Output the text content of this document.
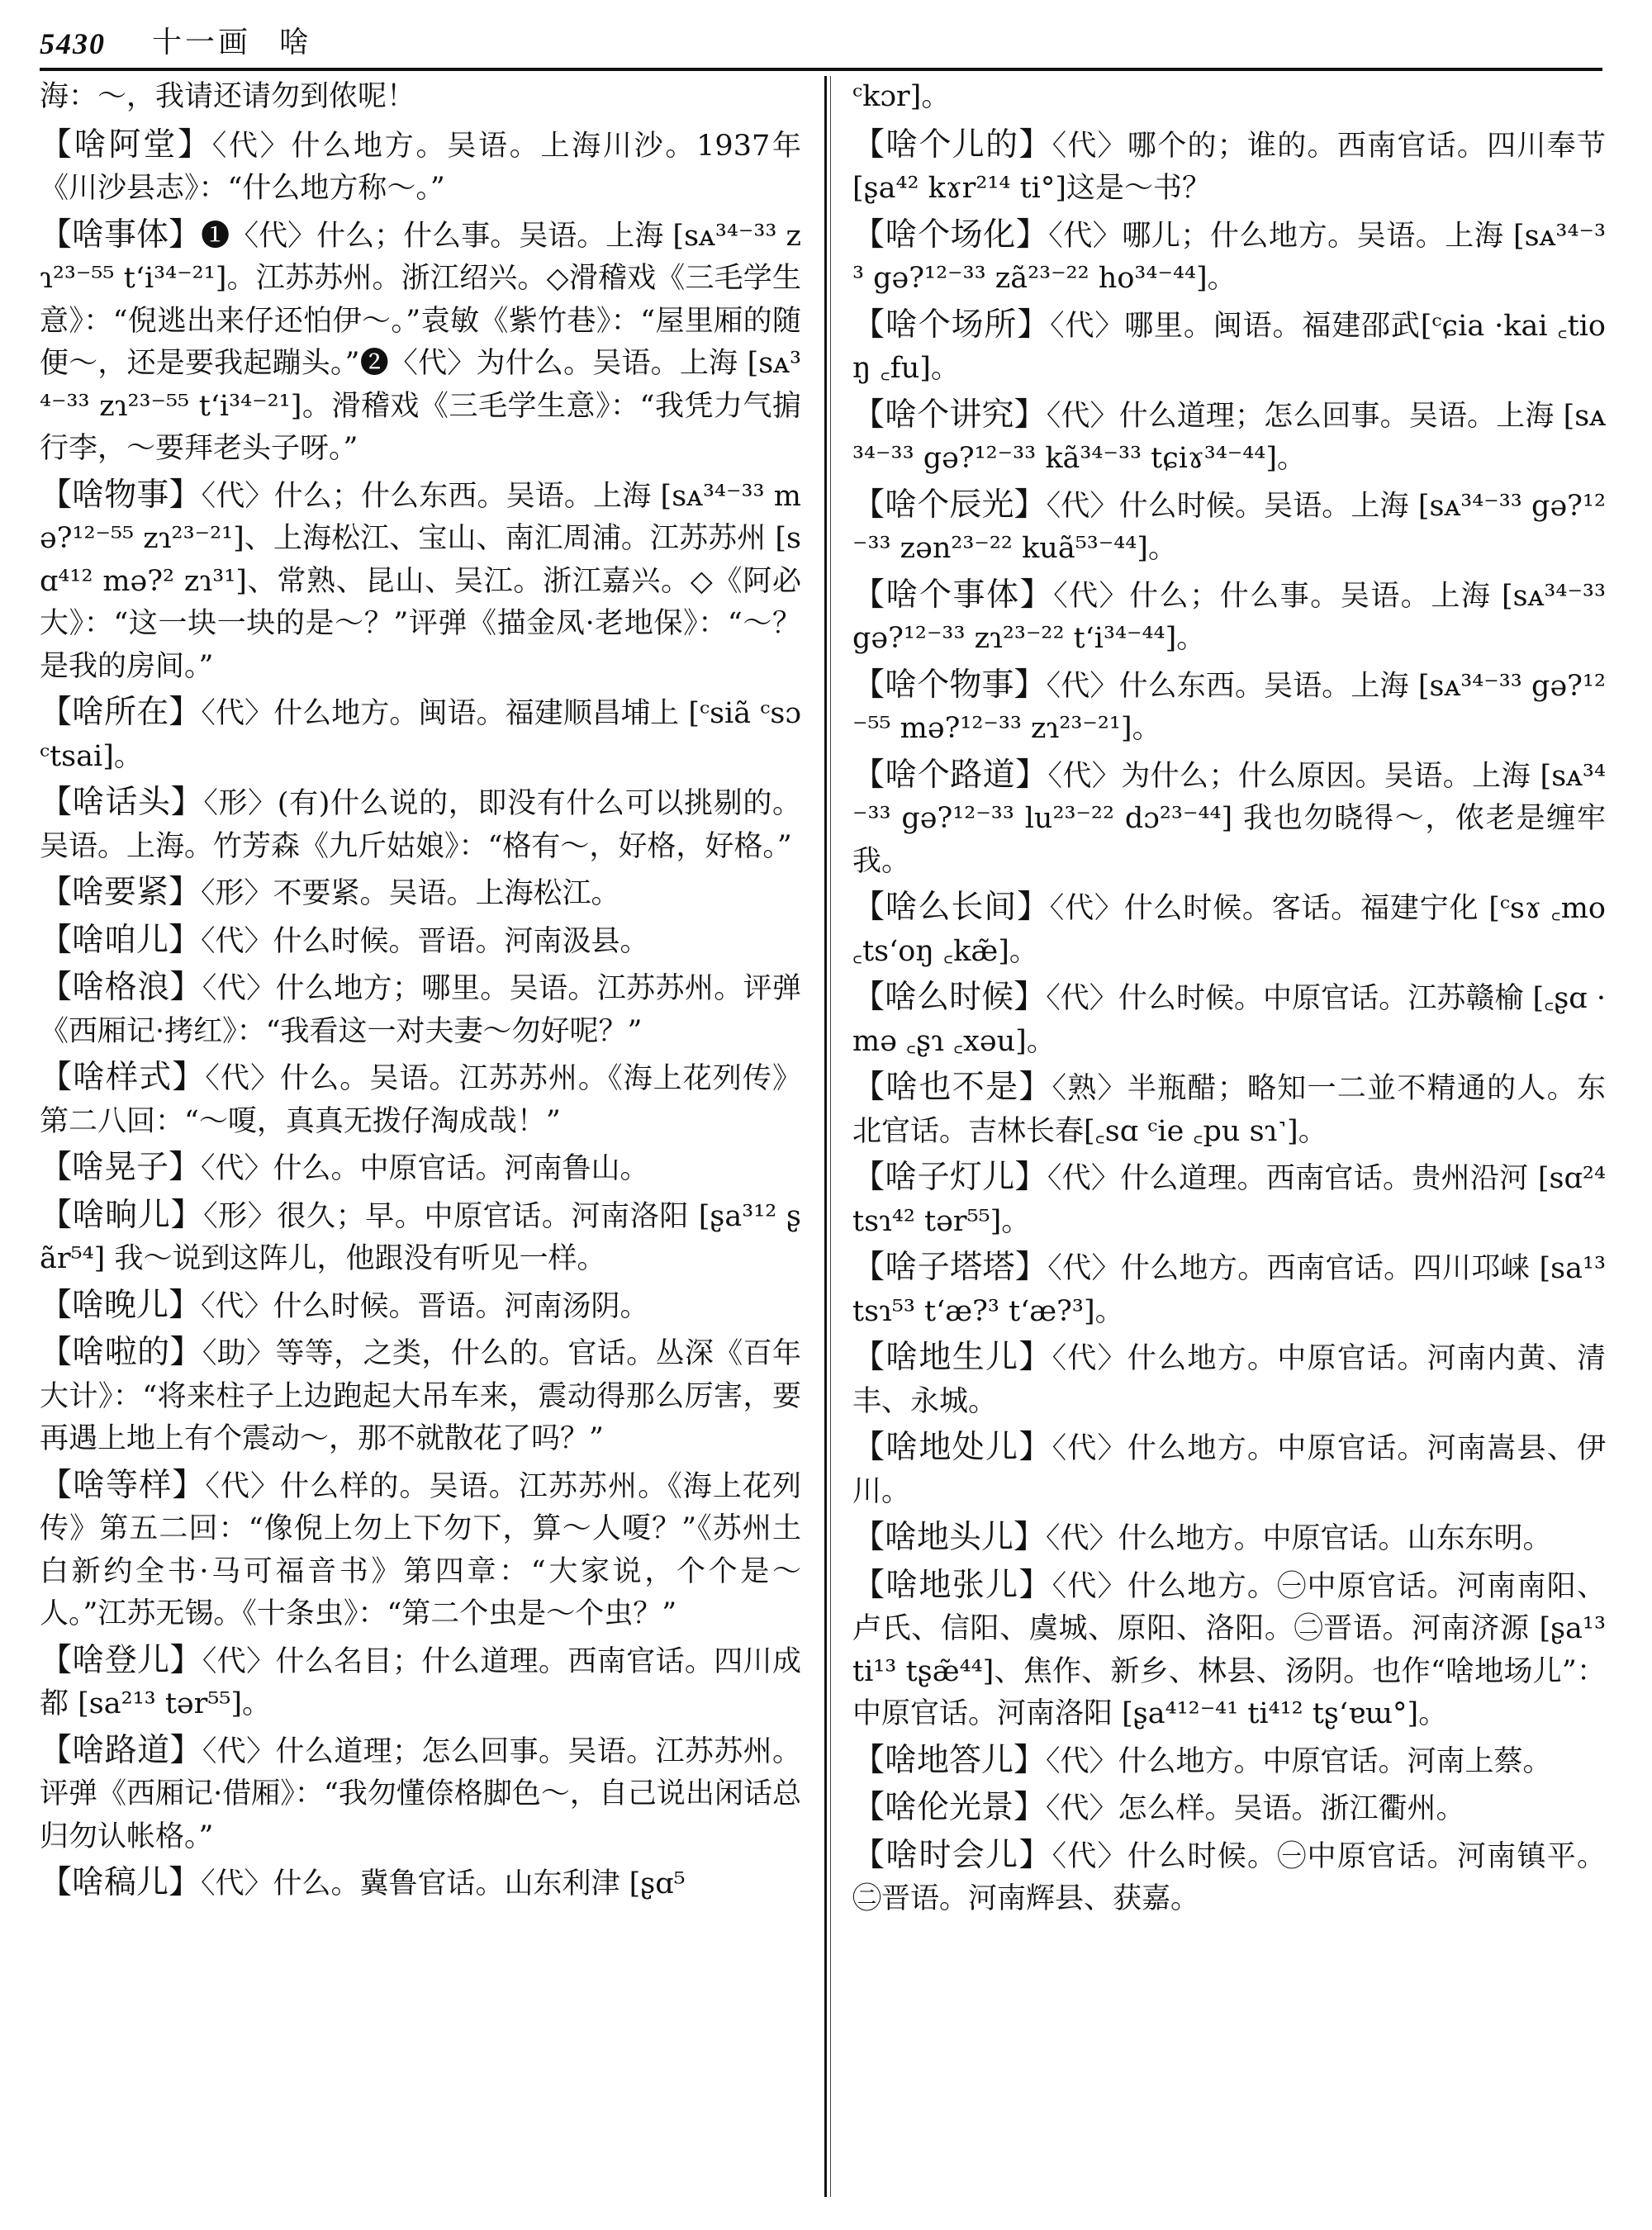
5430 十一画 啥

海：～，我请还请勿到侬呢！

【啥阿堂】〈代〉什么地方。吴语。上海川沙。1937年《川沙县志》：“什么地方称～。”

【啥事体】❶〈代〉什么；什么事。吴语。上海 [sᴀ³⁴⁻³³ zɿ²³⁻⁵⁵ t‘i³⁴⁻²¹]。江苏苏州。浙江绍兴。◇滑稽戏《三毛学生意》：“倪逃出来仔还怕伊～。”袁敏《紫竹巷》：“屋里厢的随便～，还是要我起蹦头。”❷〈代〉为什么。吴语。上海 [sᴀ³⁴⁻³³ zɿ²³⁻⁵⁵ t‘i³⁴⁻²¹]。滑稽戏《三毛学生意》：“我凭力气掮行李，～要拜老头子呀。”

【啥物事】〈代〉什么；什么东西。吴语。上海 [sᴀ³⁴⁻³³ mə?¹²⁻⁵⁵ zɿ²³⁻²¹]、上海松江、宝山、南汇周浦。江苏苏州 [sɑ⁴¹² mə?² zɿ³¹]、常熟、昆山、吴江。浙江嘉兴。◇《阿必大》：“这一块一块的是～？”评弹《描金凤·老地保》：“～？是我的房间。”

【啥所在】〈代〉什么地方。闽语。福建顺昌埔上 [ᶜsiã ᶜsɔ ᶜtsai]。

【啥话头】〈形〉(有)什么说的，即没有什么可以挑剔的。吴语。上海。竹芳森《九斤姑娘》：“格有～，好格，好格。”

【啥要紧】〈形〉不要紧。吴语。上海松江。

【啥咱儿】〈代〉什么时候。晋语。河南汲县。

【啥格浪】〈代〉什么地方；哪里。吴语。江苏苏州。评弹《西厢记·拷红》：“我看这一对夫妻～勿好呢？”

【啥样式】〈代〉什么。吴语。江苏苏州。《海上花列传》第二八回：“～嗄，真真无拨仔淘成哉！”

【啥晃子】〈代〉什么。中原官话。河南鲁山。

【啥晌儿】〈形〉很久；早。中原官话。河南洛阳 [ʂa³¹² ʂãr⁵⁴] 我～说到这阵儿，他跟没有听见一样。

【啥晚儿】〈代〉什么时候。晋语。河南汤阴。

【啥啦的】〈助〉等等，之类，什么的。官话。丛深《百年大计》：“将来柱子上边跑起大吊车来，震动得那么厉害，要再遇上地上有个震动～，那不就散花了吗？”

【啥等样】〈代〉什么样的。吴语。江苏苏州。《海上花列传》第五二回：“像倪上勿上下勿下，算～人嗄？”《苏州土白新约全书·马可福音书》第四章：“大家说，个个是～人。”江苏无锡。《十条虫》：“第二个虫是～个虫？”

【啥登儿】〈代〉什么名目；什么道理。西南官话。四川成都 [sa²¹³ tər⁵⁵]。

【啥路道】〈代〉什么道理；怎么回事。吴语。江苏苏州。评弹《西厢记·借厢》：“我勿懂倷格脚色～，自己说出闲话总归勿认帐格。”

【啥稿儿】〈代〉什么。冀鲁官话。山东利津 [ʂɑ⁵

ᶜkɔr]。

【啥个儿的】〈代〉哪个的；谁的。西南官话。四川奉节 [ʂa⁴² kɤr²¹⁴ ti°]这是～书？

【啥个场化】〈代〉哪儿；什么地方。吴语。上海 [sᴀ³⁴⁻³³ gə?¹²⁻³³ zã²³⁻²² ho³⁴⁻⁴⁴]。

【啥个场所】〈代〉哪里。闽语。福建邵武[ᶜɕia ·kai ꜀tioŋ ꜀fu]。

【啥个讲究】〈代〉什么道理；怎么回事。吴语。上海 [sᴀ³⁴⁻³³ gə?¹²⁻³³ kã³⁴⁻³³ tɕiɤ³⁴⁻⁴⁴]。

【啥个辰光】〈代〉什么时候。吴语。上海 [sᴀ³⁴⁻³³ gə?¹²⁻³³ zən²³⁻²² kuã⁵³⁻⁴⁴]。

【啥个事体】〈代〉什么；什么事。吴语。上海 [sᴀ³⁴⁻³³ gə?¹²⁻³³ zɿ²³⁻²² t‘i³⁴⁻⁴⁴]。

【啥个物事】〈代〉什么东西。吴语。上海 [sᴀ³⁴⁻³³ gə?¹²⁻⁵⁵ mə?¹²⁻³³ zɿ²³⁻²¹]。

【啥个路道】〈代〉为什么；什么原因。吴语。上海 [sᴀ³⁴⁻³³ gə?¹²⁻³³ lu²³⁻²² dɔ²³⁻⁴⁴] 我也勿晓得～，侬老是缠牢我。

【啥么长间】〈代〉什么时候。客话。福建宁化 [ᶜsɤ ꜀mo ꜀ts‘oŋ ꜀kæ̃]。

【啥么时候】〈代〉什么时候。中原官话。江苏赣榆 [꜀ʂɑ ·mə ꜀ʂɿ ꜀xəu]。

【啥也不是】〈熟〉半瓶醋；略知一二並不精通的人。东北官话。吉林长春[꜀sɑ ᶜie ꜀pu sɿ˺]。

【啥子灯儿】〈代〉什么道理。西南官话。贵州沿河 [sɑ²⁴ tsɿ⁴² tər⁵⁵]。

【啥子塔塔】〈代〉什么地方。西南官话。四川邛崃 [sa¹³ tsɿ⁵³ t‘æ?³ t‘æ?³]。

【啥地生儿】〈代〉什么地方。中原官话。河南内黄、清丰、永城。

【啥地处儿】〈代〉什么地方。中原官话。河南嵩县、伊川。

【啥地头儿】〈代〉什么地方。中原官话。山东东明。

【啥地张儿】〈代〉什么地方。㊀中原官话。河南南阳、卢氏、信阳、虞城、原阳、洛阳。㊁晋语。河南济源 [ʂa¹³ ti¹³ tʂæ̃⁴⁴]、焦作、新乡、林县、汤阴。也作“啥地场儿”：中原官话。河南洛阳 [ʂa⁴¹²⁻⁴¹ ti⁴¹² tʂ‘ɐɯ°]。

【啥地答儿】〈代〉什么地方。中原官话。河南上蔡。

【啥伦光景】〈代〉怎么样。吴语。浙江衢州。

【啥时会儿】〈代〉什么时候。㊀中原官话。河南镇平。㊁晋语。河南辉县、获嘉。
